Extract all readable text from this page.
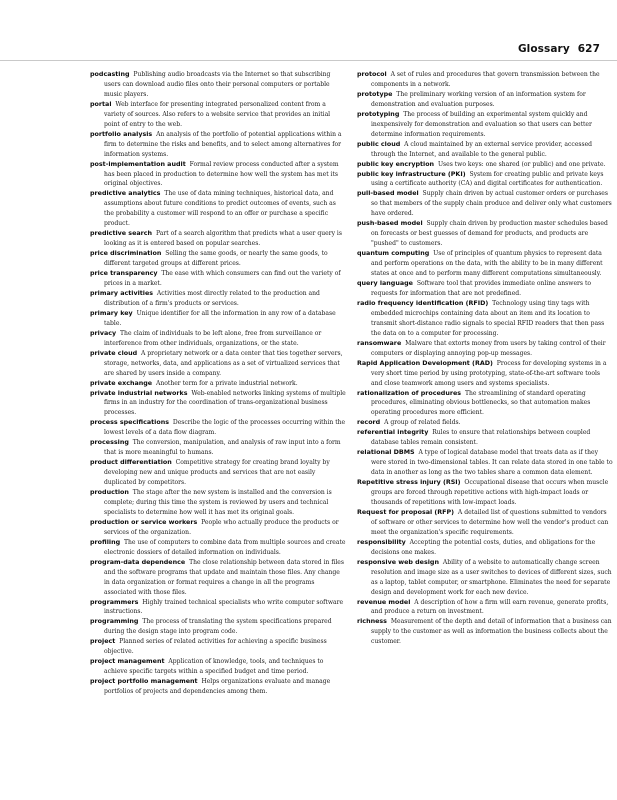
Glossary 627
podcasting Publishing audio broadcasts via the Internet so that subscribing users can download audio files onto their personal computers or portable music players.
portal Web interface for presenting integrated personalized content from a variety of sources. Also refers to a website service that provides an initial point of entry to the web.
portfolio analysis An analysis of the portfolio of potential applications within a firm to determine the risks and benefits, and to select among alternatives for information systems.
post-implementation audit Formal review process conducted after a system has been placed in production to determine how well the system has met its original objectives.
predictive analytics The use of data mining techniques, historical data, and assumptions about future conditions to predict outcomes of events, such as the probability a customer will respond to an offer or purchase a specific product.
predictive search Part of a search algorithm that predicts what a user query is looking as it is entered based on popular searches.
price discrimination Selling the same goods, or nearly the same goods, to different targeted groups at different prices.
price transparency The ease with which consumers can find out the variety of prices in a market.
primary activities Activities most directly related to the production and distribution of a firm's products or services.
primary key Unique identifier for all the information in any row of a database table.
privacy The claim of individuals to be left alone, free from surveillance or interference from other individuals, organizations, or the state.
private cloud A proprietary network or a data center that ties together servers, storage, networks, data, and applications as a set of virtualized services that are shared by users inside a company.
private exchange Another term for a private industrial network.
private industrial networks Web-enabled networks linking systems of multiple firms in an industry for the coordination of trans-organizational business processes.
process specifications Describe the logic of the processes occurring within the lowest levels of a data flow diagram.
processing The conversion, manipulation, and analysis of raw input into a form that is more meaningful to humans.
product differentiation Competitive strategy for creating brand loyalty by developing new and unique products and services that are not easily duplicated by competitors.
production The stage after the new system is installed and the conversion is complete; during this time the system is reviewed by users and technical specialists to determine how well it has met its original goals.
production or service workers People who actually produce the products or services of the organization.
profiling The use of computers to combine data from multiple sources and create electronic dossiers of detailed information on individuals.
program-data dependence The close relationship between data stored in files and the software programs that update and maintain those files. Any change in data organization or format requires a change in all the programs associated with those files.
programmers Highly trained technical specialists who write computer software instructions.
programming The process of translating the system specifications prepared during the design stage into program code.
project Planned series of related activities for achieving a specific business objective.
project management Application of knowledge, tools, and techniques to achieve specific targets within a specified budget and time period.
project portfolio management Helps organizations evaluate and manage portfolios of projects and dependencies among them.
protocol A set of rules and procedures that govern transmission between the components in a network.
prototype The preliminary working version of an information system for demonstration and evaluation purposes.
prototyping The process of building an experimental system quickly and inexpensively for demonstration and evaluation so that users can better determine information requirements.
public cloud A cloud maintained by an external service provider, accessed through the Internet, and available to the general public.
public key encryption Uses two keys: one shared (or public) and one private.
public key infrastructure (PKI) System for creating public and private keys using a certificate authority (CA) and digital certificates for authentication.
pull-based model Supply chain driven by actual customer orders or purchases so that members of the supply chain produce and deliver only what customers have ordered.
push-based model Supply chain driven by production master schedules based on forecasts or best guesses of demand for products, and products are "pushed" to customers.
quantum computing Use of principles of quantum physics to represent data and perform operations on the data, with the ability to be in many different states at once and to perform many different computations simultaneously.
query language Software tool that provides immediate online answers to requests for information that are not predefined.
radio frequency identification (RFID) Technology using tiny tags with embedded microchips containing data about an item and its location to transmit short-distance radio signals to special RFID readers that then pass the data on to a computer for processing.
ransomware Malware that extorts money from users by taking control of their computers or displaying annoying pop-up messages.
Rapid Application Development (RAD) Process for developing systems in a very short time period by using prototyping, state-of-the-art software tools and close teamwork among users and systems specialists.
rationalization of procedures The streamlining of standard operating procedures, eliminating obvious bottlenecks, so that automation makes operating procedures more efficient.
record A group of related fields.
referential integrity Rules to ensure that relationships between coupled database tables remain consistent.
relational DBMS A type of logical database model that treats data as if they were stored in two-dimensional tables. It can relate data stored in one table to data in another as long as the two tables share a common data element.
Repetitive stress injury (RSI) Occupational disease that occurs when muscle groups are forced through repetitive actions with high-impact loads or thousands of repetitions with low-impact loads.
Request for proposal (RFP) A detailed list of questions submitted to vendors of software or other services to determine how well the vendor's product can meet the organization's specific requirements.
responsibility Accepting the potential costs, duties, and obligations for the decisions one makes.
responsive web design Ability of a website to automatically change screen resolution and image size as a user switches to devices of different sizes, such as a laptop, tablet computer, or smartphone. Eliminates the need for separate design and development work for each new device.
revenue model A description of how a firm will earn revenue, generate profits, and produce a return on investment.
richness Measurement of the depth and detail of information that a business can supply to the customer as well as information the business collects about the customer.
